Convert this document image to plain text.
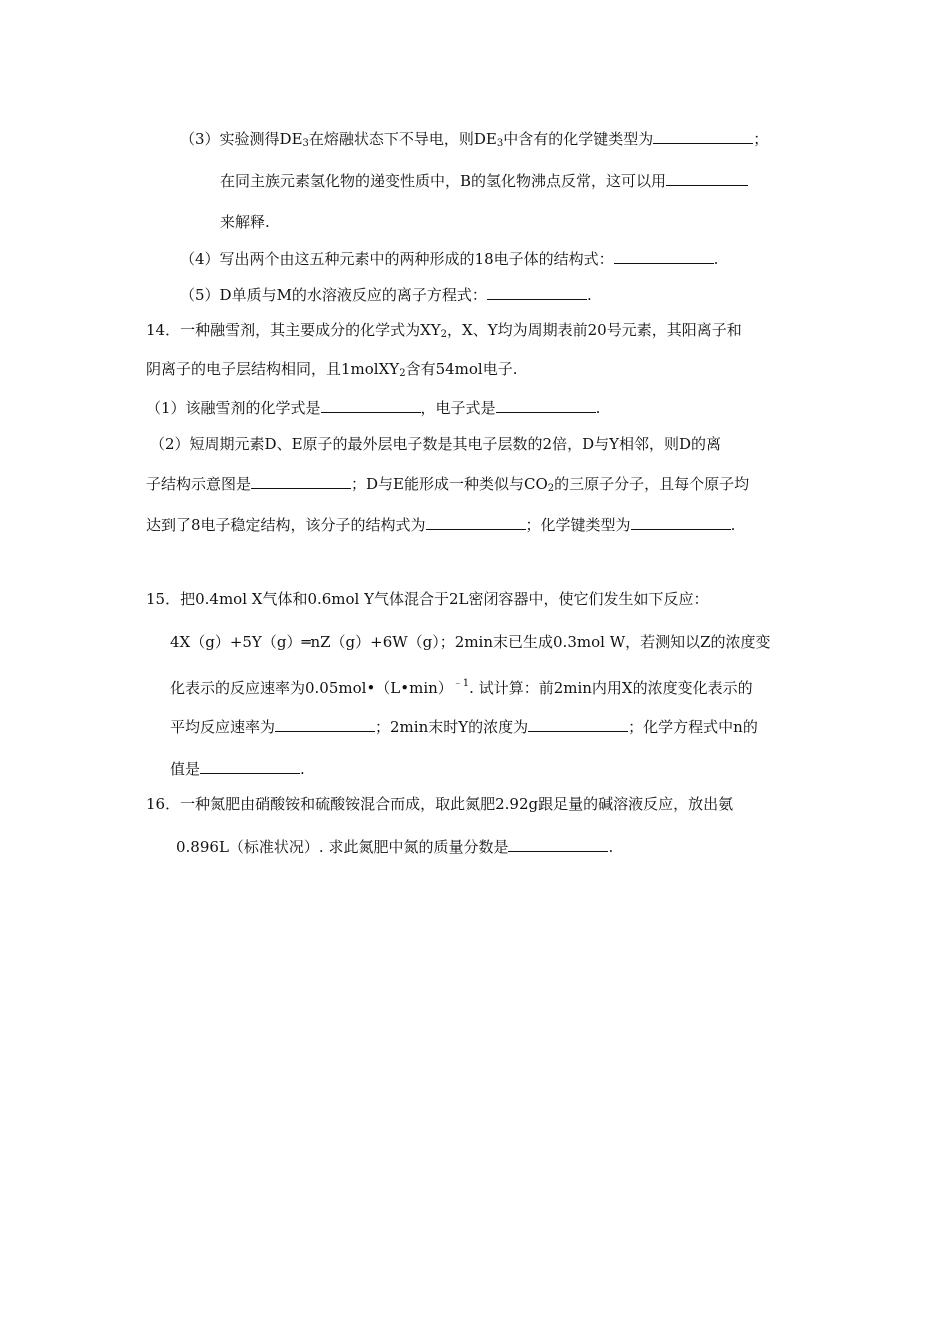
（3）实验测得$DE_3$在熔融状态下不导电，则$DE_3$中含有的化学键类型为	；
在同主族元素氢化物的递变性质中，B的氢化物沸点反常，这可以用
来解释.
（4）写出两个由这五种元素中的两种形成的18电子体的结构式：	.
（5）D单质与M的水溶液反应的离子方程式：	.
14．一种融雪剂，其主要成分的化学式为$XY_2$，X、Y均为周期表前20号元素，其阳离子和
阴离子的电子层结构相同，且1molXY$_2$含有54mol电子.
（1）该融雪剂的化学式是	，电子式是	.
（2）短周期元素D、E原子的最外层电子数是其电子层数的2倍，D与Y相邻，则D的离
子结构示意图是	；D与E能形成一种类似与$CO_2$的三原子分子，且每个原子均
达到了8电子稳定结构，该分子的结构式为	；化学键类型为	.
15．把0.4mol X气体和0.6mol Y气体混合于2L密闭容器中，使它们发生如下反应：
4X（g）+5Y（g）═nZ（g）+6W（g）；2min末已生成0.3mol W，若测知以Z的浓度变
化表示的反应速率为0.05mol•（L•min）$^{﹣1}$. 试计算：前2min内用X的浓度变化表示的
平均反应速率为	；2min末时Y的浓度为	；化学方程式中n的
值是	.
16．一种氮肥由硝酸铵和硫酸铵混合而成，取此氮肥2.92g跟足量的碱溶液反应，放出氨
0.896L（标准状况）. 求此氮肥中氮的质量分数是	.
